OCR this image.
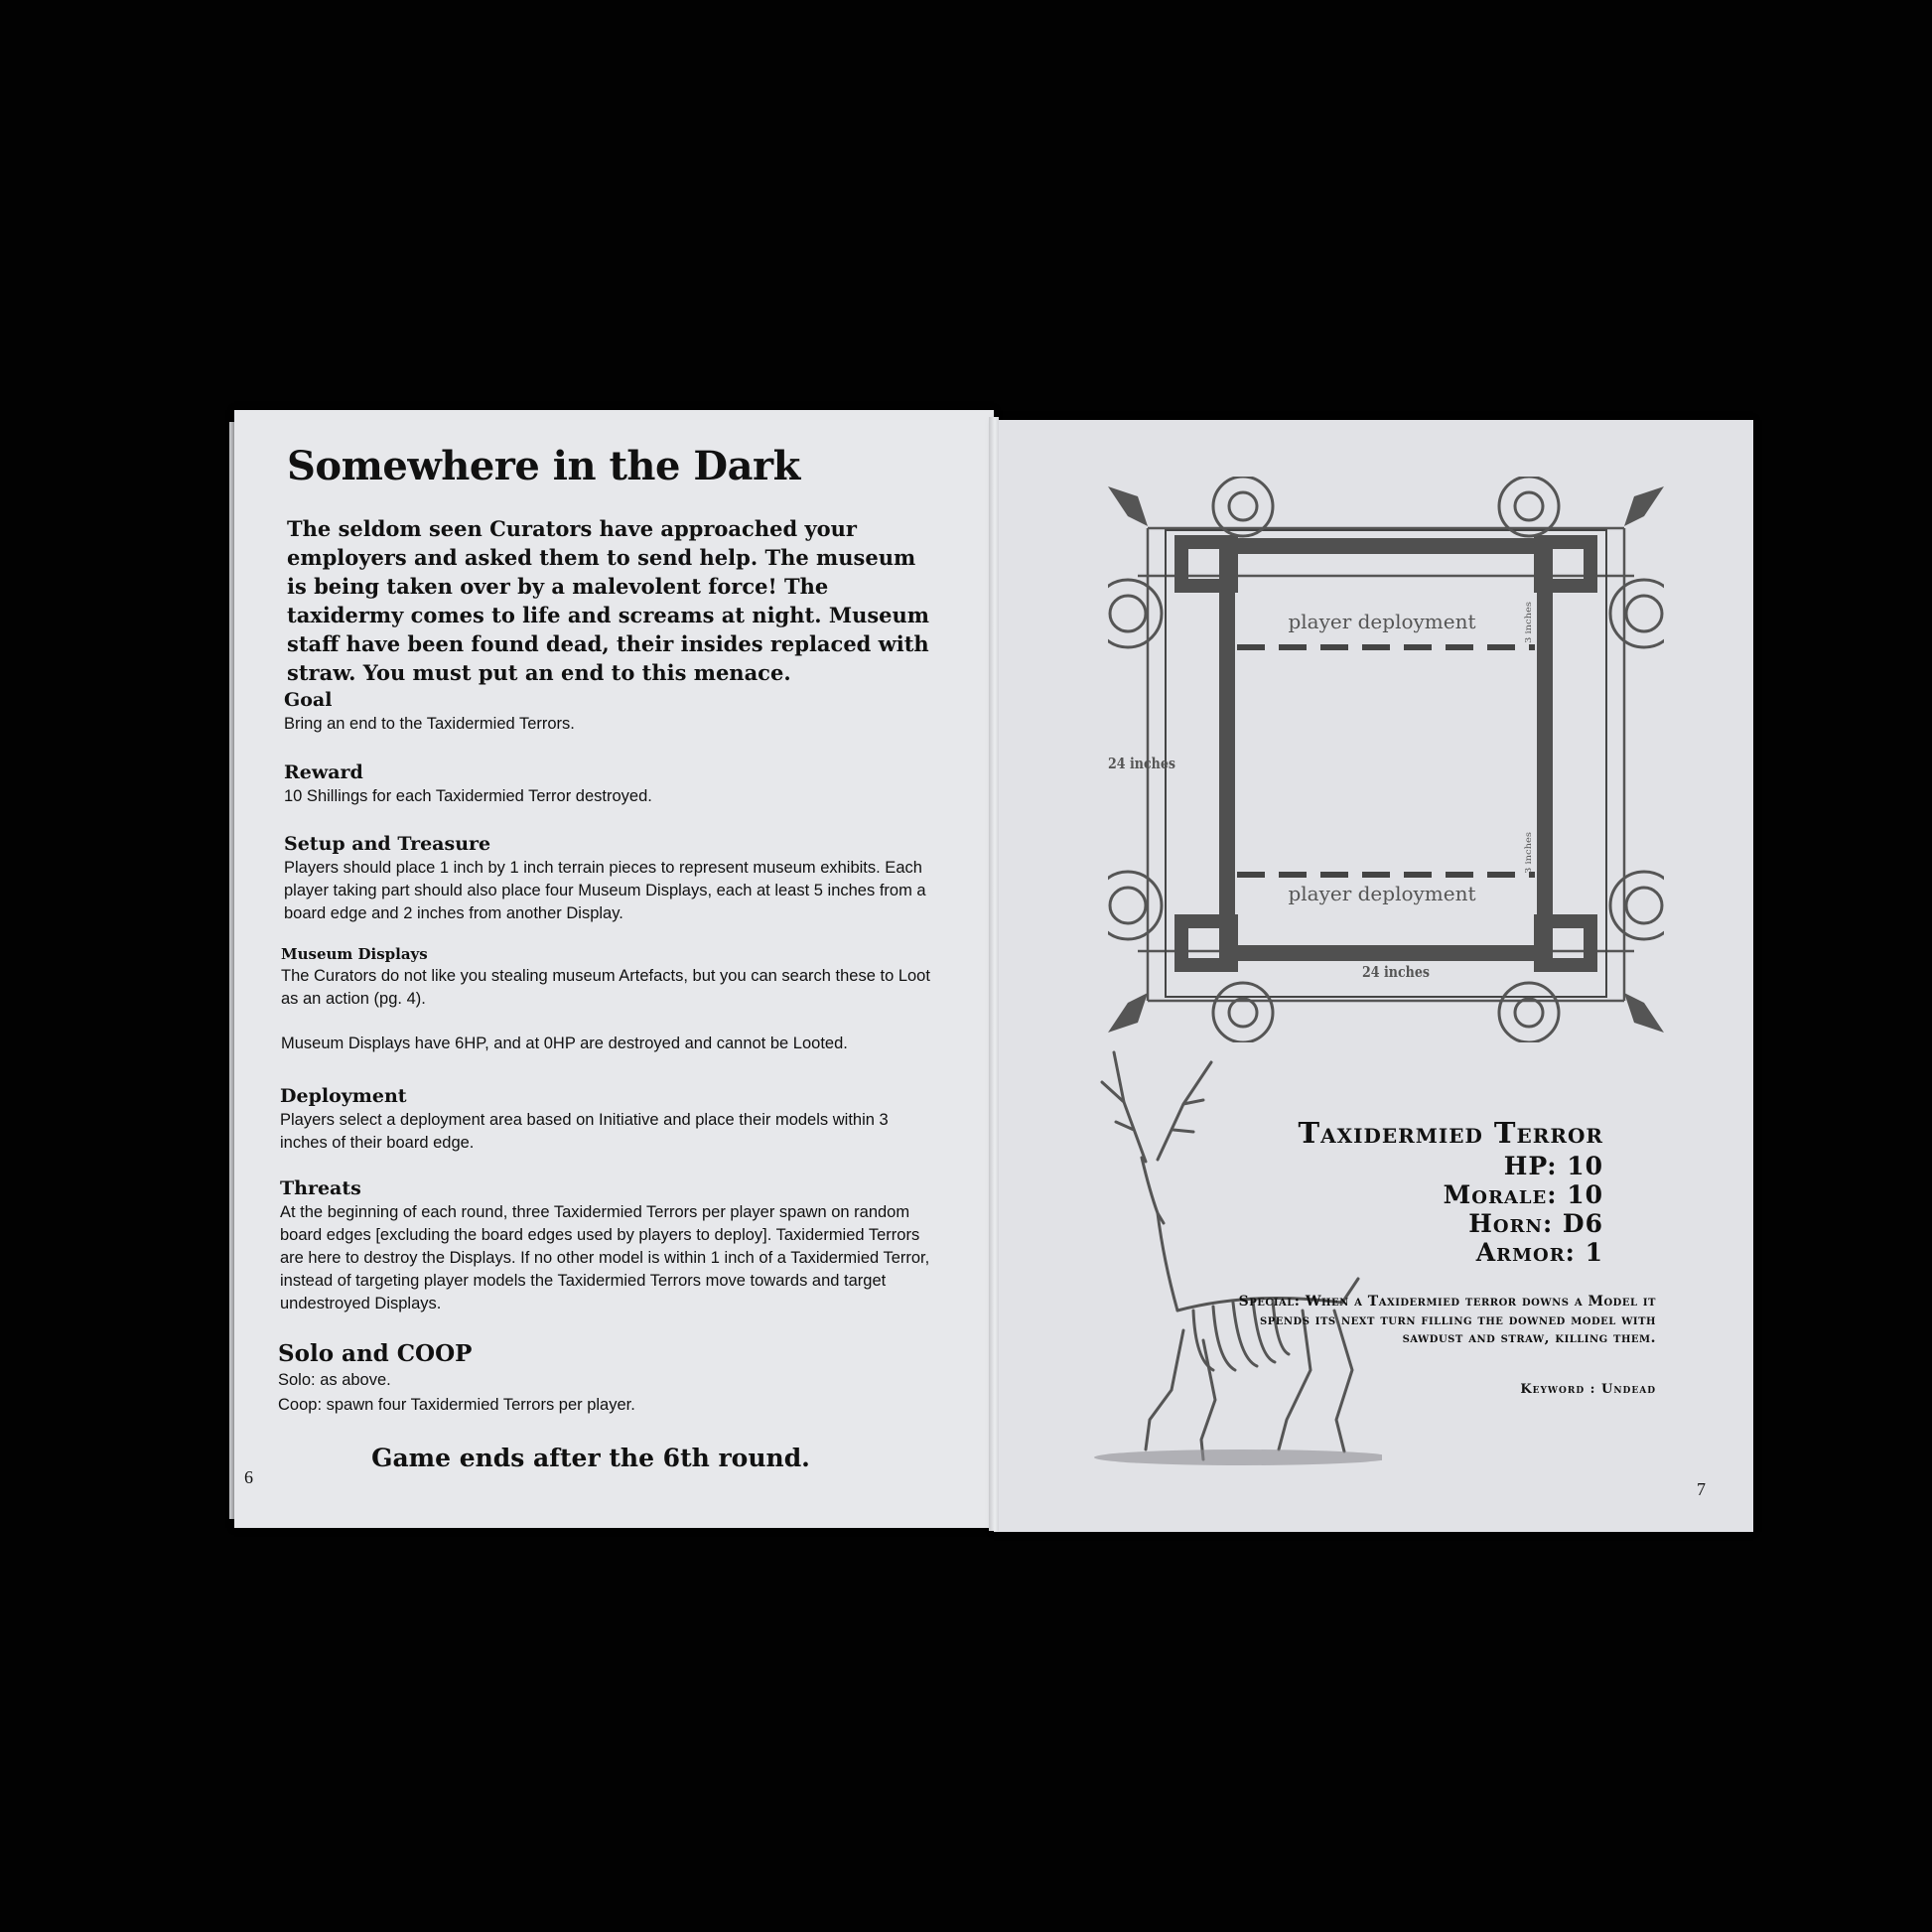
Somewhere in the Dark

The seldom seen Curators have approached your employers and asked them to send help. The museum is being taken over by a malevolent force! The taxidermy comes to life and screams at night. Museum staff have been found dead, their insides replaced with straw. You must put an end to this menace.

Goal

Bring an end to the Taxidermied Terrors.

Reward

10 Shillings for each Taxidermied Terror destroyed.

Setup and Treasure

Players should place 1 inch by 1 inch terrain pieces to represent museum exhibits. Each player taking part should also place four Museum Displays, each at least 5 inches from a board edge and 2 inches from another Display.

Museum Displays

The Curators do not like you stealing museum Artefacts, but you can search these to Loot as an action (pg. 4).

Museum Displays have 6HP, and at 0HP are destroyed and cannot be Looted.

Deployment

Players select a deployment area based on Initiative and place their models within 3 inches of their board edge.

Threats

At the beginning of each round, three Taxidermied Terrors per player spawn on random board edges [excluding the board edges used by players to deploy]. Taxidermied Terrors are here to destroy the Displays. If no other model is within 1 inch of a Taxidermied Terror, instead of targeting player models the Taxidermied Terrors move towards and target undestroyed Displays.

Solo and COOP

Solo: as above.

Coop: spawn four Taxidermied Terrors per player.

Game ends after the 6th round.

6
player deployment
player deployment
24 inches
24 inches
3 inches
3 inches
Taxidermied Terror
HP: 10
Morale: 10
Horn: D6
Armor: 1
Special: When a Taxidermied terror downs a Model it spends its next turn filling the downed model with sawdust and straw, killing them.
Keyword : Undead
7
